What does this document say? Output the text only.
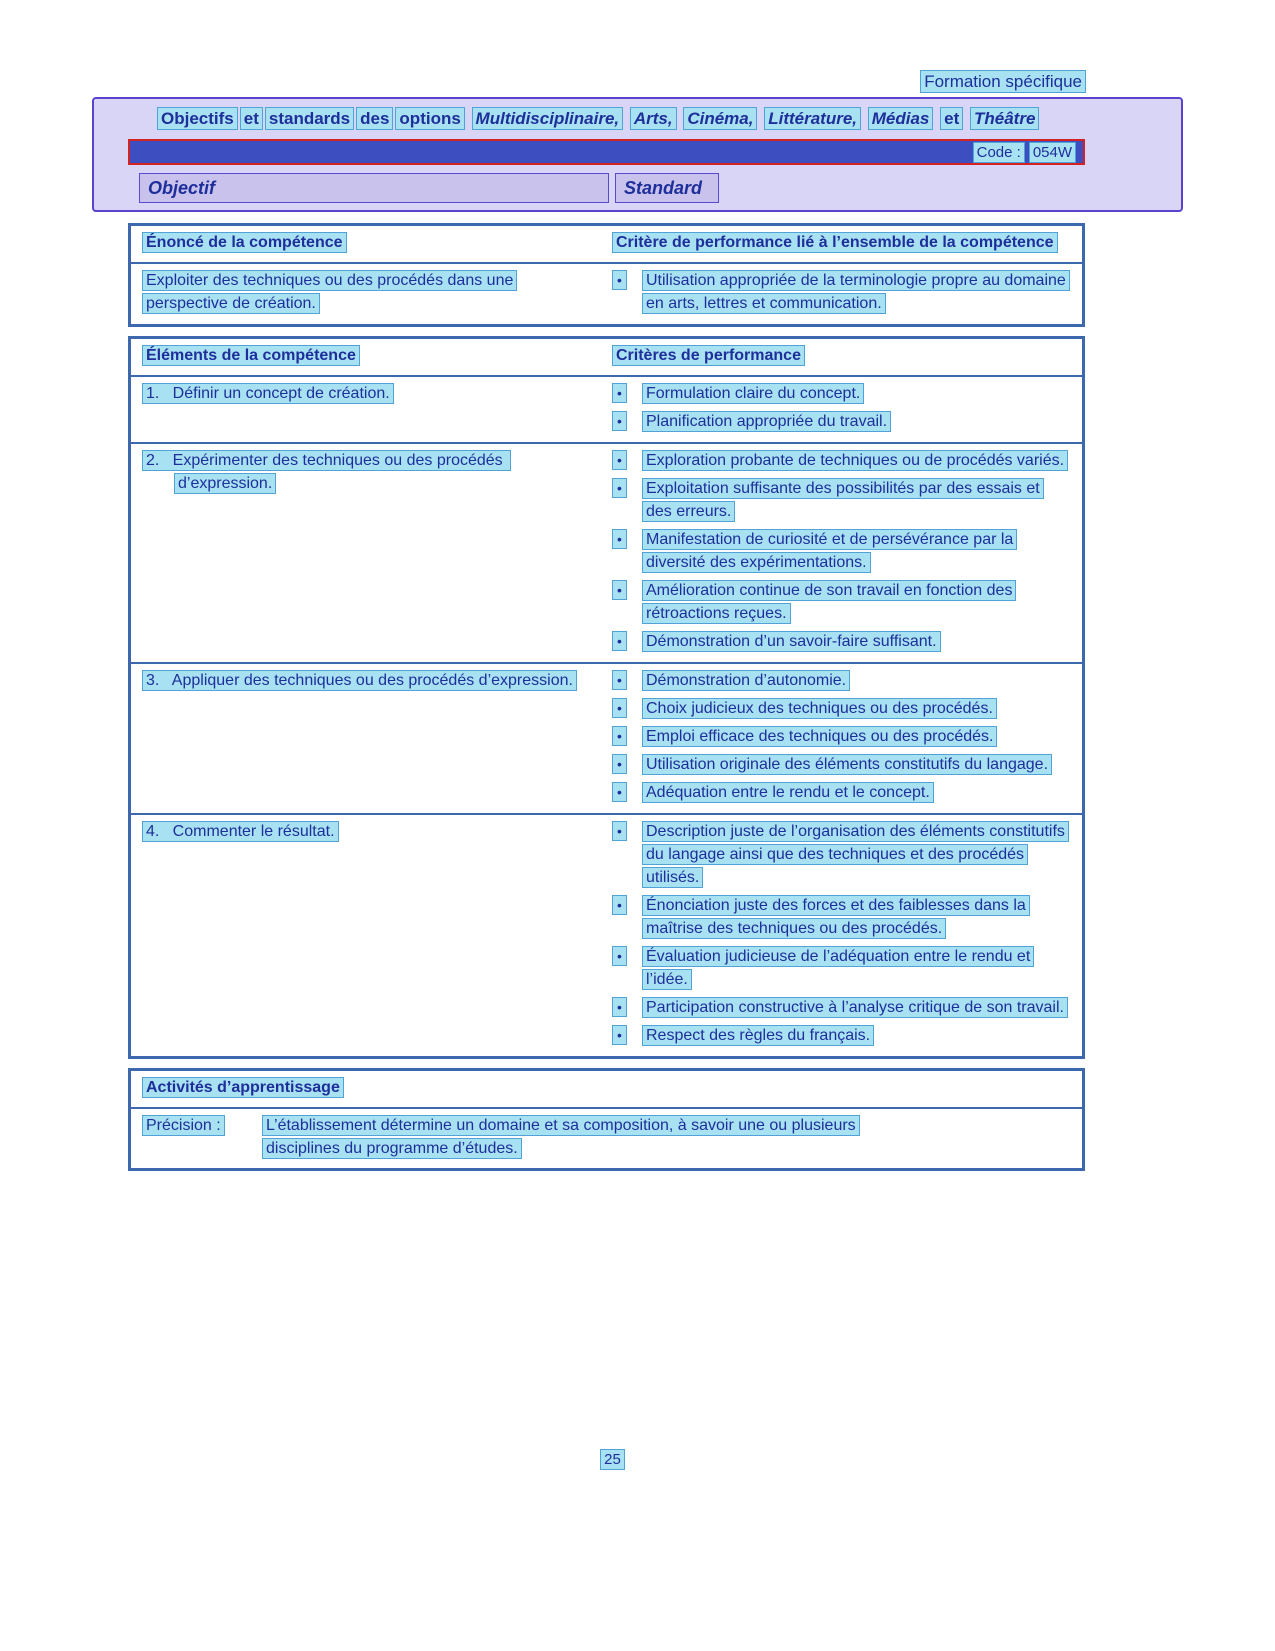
Formation spécifique
Objectifs et standards des options Multidisciplinaire, Arts, Cinéma, Littérature, Médias et Théâtre
Code : 054W
Objectif	Standard
Énoncé de la compétence	Critère de performance lié à l’ensemble de la compétence
Exploiter des techniques ou des procédés dans une perspective de création.
•	Utilisation appropriée de la terminologie propre au domaine en arts, lettres et communication.
Éléments de la compétence	Critères de performance
1.   Définir un concept de création.	•	Formulation claire du concept.
•	Planification appropriée du travail.
2.   Expérimenter des techniques ou des procédés d’expression.
•	Exploration probante de techniques ou de procédés variés.
•	Exploitation suffisante des possibilités par des essais et des erreurs.
•	Manifestation de curiosité et de persévérance par la diversité des expérimentations.
•	Amélioration continue de son travail en fonction des rétroactions reçues.
•	Démonstration d’un savoir-faire suffisant.
3.   Appliquer des techniques ou des procédés d’expression.	•	Démonstration d’autonomie.
•	Choix judicieux des techniques ou des procédés.
•	Emploi efficace des techniques ou des procédés.
•	Utilisation originale des éléments constitutifs du langage.
•	Adéquation entre le rendu et le concept.
4.   Commenter le résultat.	•	Description juste de l’organisation des éléments constitutifs du langage ainsi que des techniques et des procédés utilisés.
•	Énonciation juste des forces et des faiblesses dans la maîtrise des techniques ou des procédés.
•	Évaluation judicieuse de l’adéquation entre le rendu et l’idée.
•	Participation constructive à l’analyse critique de son travail.
•	Respect des règles du français.
Activités d’apprentissage
Précision :	L’établissement détermine un domaine et sa composition, à savoir une ou plusieurs disciplines du programme d’études.
25
